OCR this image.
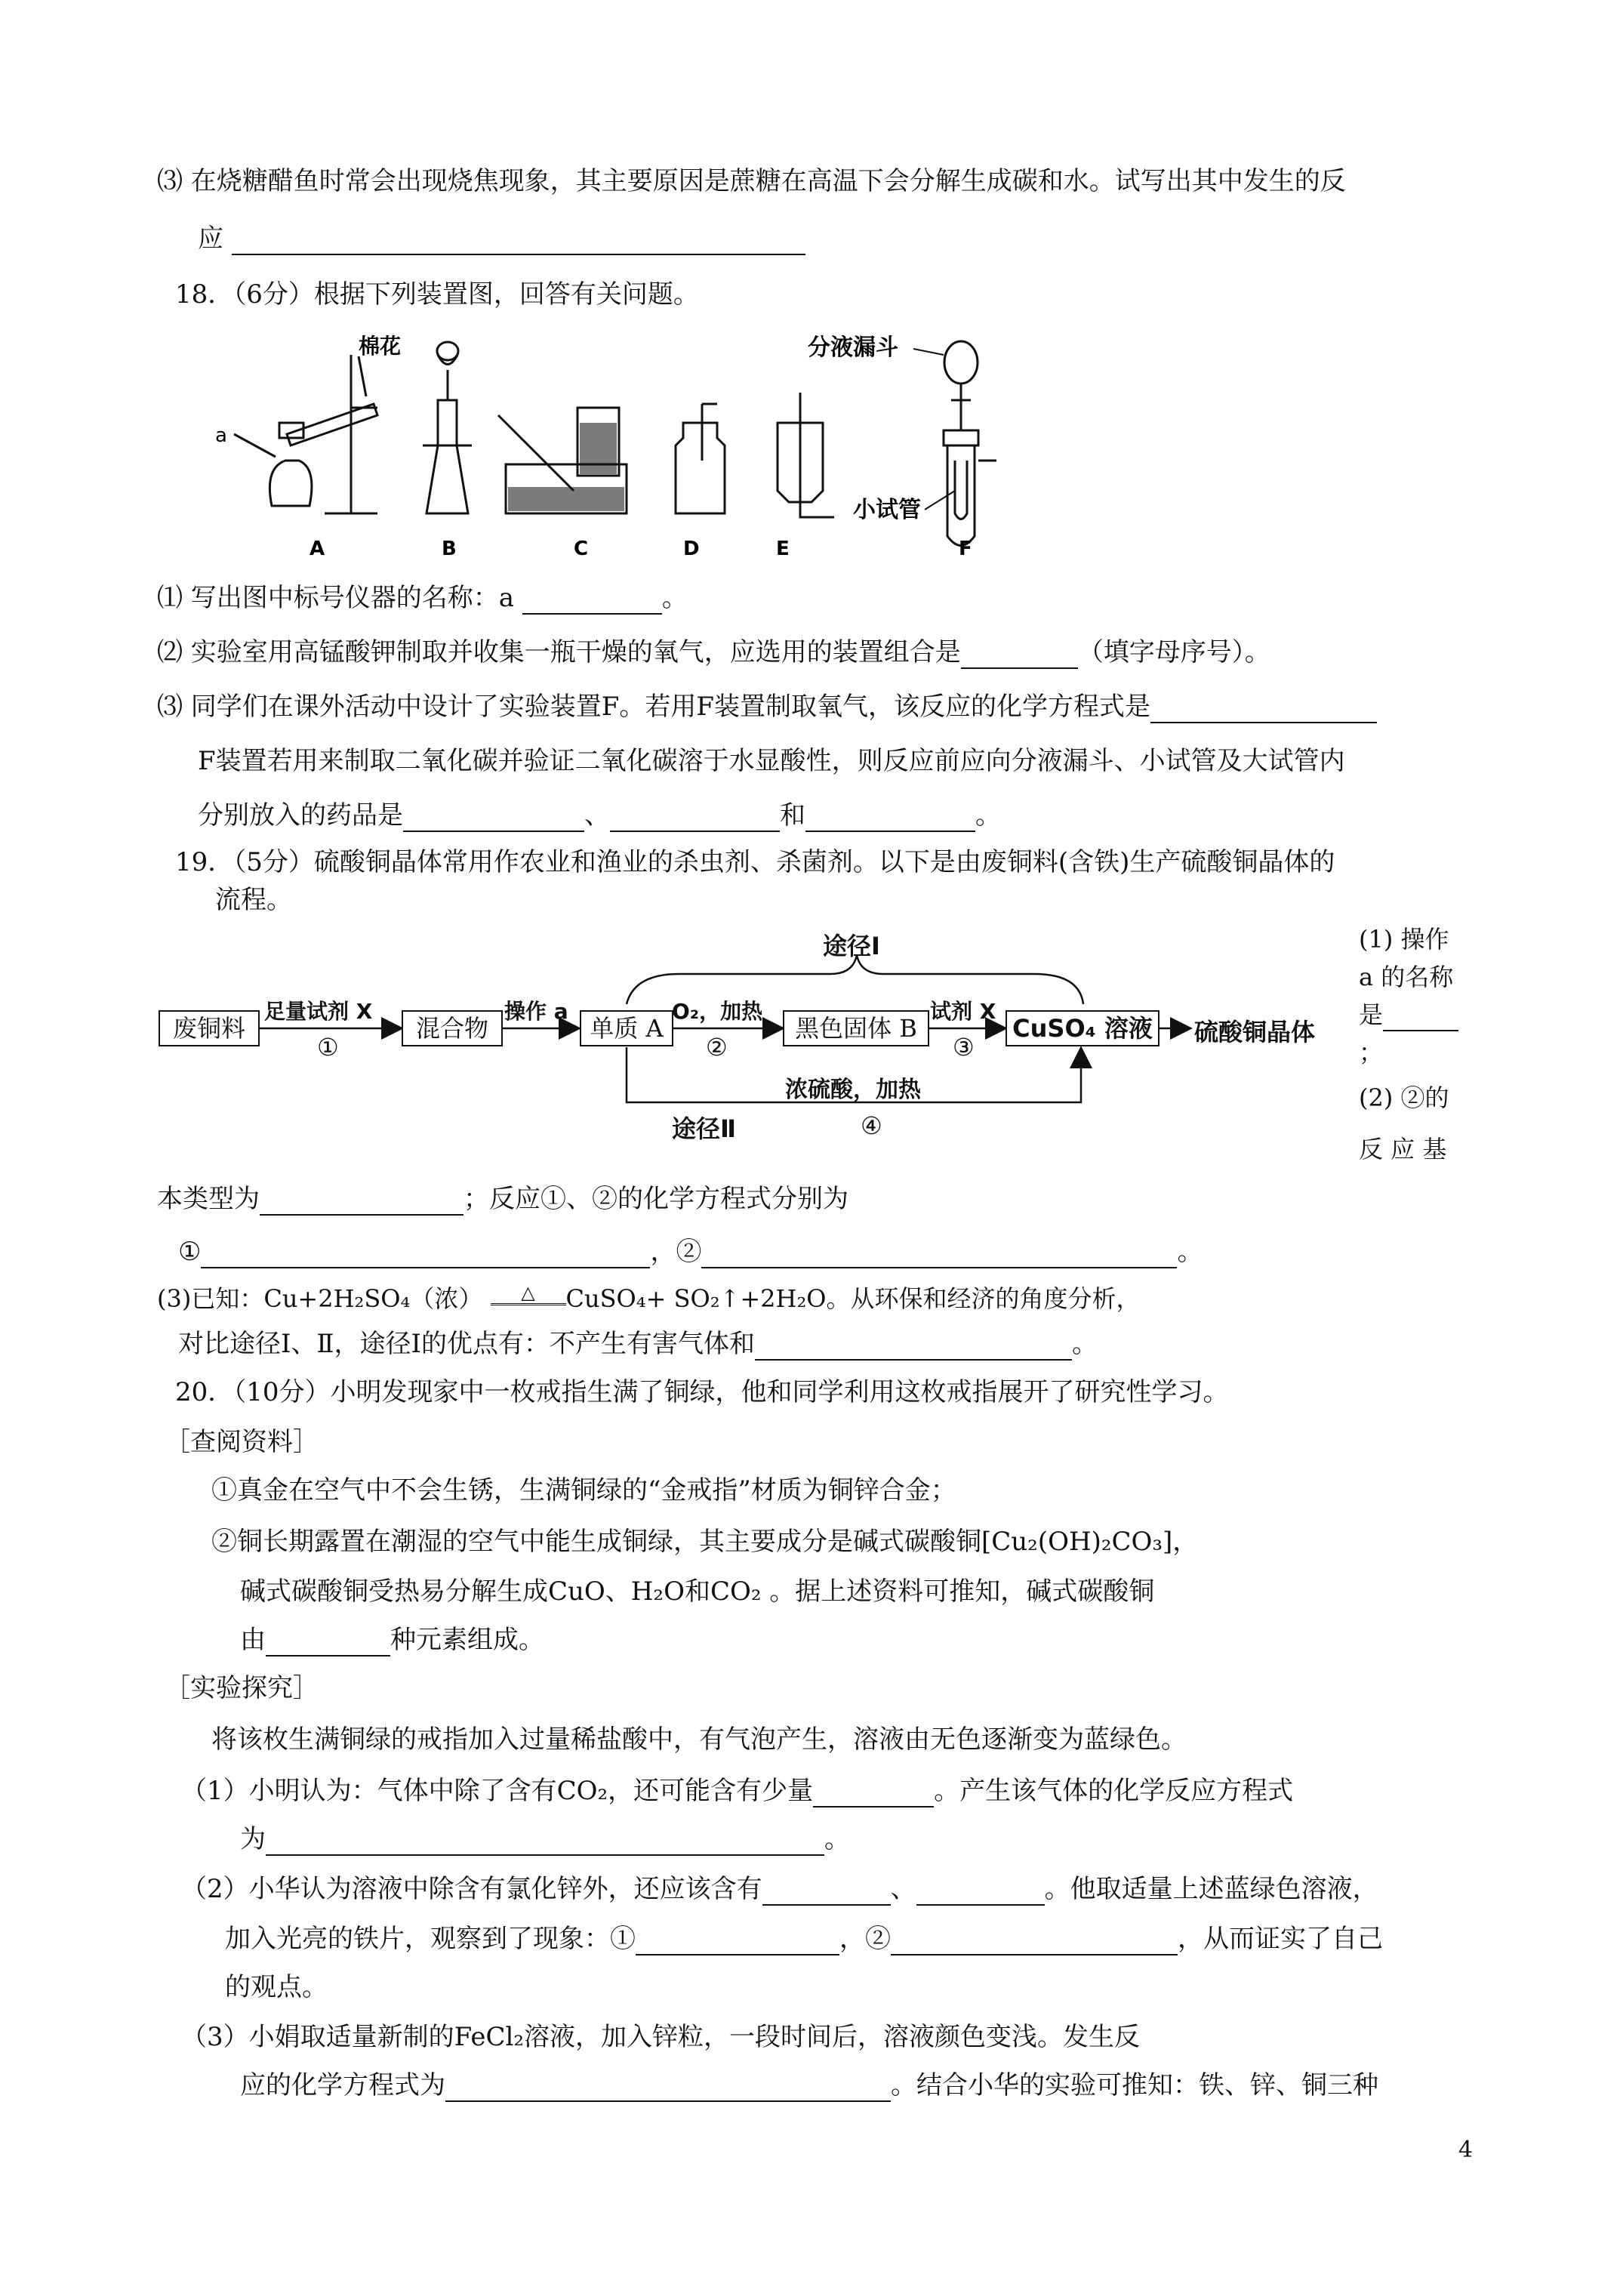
⑶ 在烧糖醋鱼时常会出现烧焦现象，其主要原因是蔗糖在高温下会分解生成碳和水。试写出其中发生的反
应
18．（6分）根据下列装置图，回答有关问题。
a
棉花	分液漏斗
小试管
A	B	C	D	E	F
⑴ 写出图中标号仪器的名称：a	。
⑵ 实验室用高锰酸钾制取并收集一瓶干燥的氧气，应选用的装置组合是	（填字母序号）。
⑶ 同学们在课外活动中设计了实验装置F。若用F装置制取氧气，该反应的化学方程式是
F装置若用来制取二氧化碳并验证二氧化碳溶于水显酸性，则反应前应向分液漏斗、小试管及大试管内
分别放入的药品是	、	和	。
19．（5分）硫酸铜晶体常用作农业和渔业的杀虫剂、杀菌剂。以下是由废铜料(含铁)生产硫酸铜晶体的
流程。
途径Ⅰ
途径Ⅱ
废铜料	混合物	单质 A	黑色固体 B	CuSO₄ 溶液 硫酸铜晶体
足量试剂 X
①
操作 a	O₂，加热
②
试剂 X
③
浓硫酸，加热
④
(1) 操作
a 的名称
是
；
(2) ②的
反 应 基
本类型为	；反应①、②的化学方程式分别为
①	，②	。
(3)已知：Cu+2H₂SO₄（浓） △ CuSO₄+ SO₂↑+2H₂O。从环保和经济的角度分析，
对比途径Ⅰ、Ⅱ，途径Ⅰ的优点有：不产生有害气体和	。
20．（10分）小明发现家中一枚戒指生满了铜绿，他和同学利用这枚戒指展开了研究性学习。
［查阅资料］
①真金在空气中不会生锈，生满铜绿的“金戒指”材质为铜锌合金；
②铜长期露置在潮湿的空气中能生成铜绿，其主要成分是碱式碳酸铜[Cu₂(OH)₂CO₃]，
碱式碳酸铜受热易分解生成CuO、H₂O和CO₂ 。据上述资料可推知，碱式碳酸铜
由	种元素组成。
［实验探究］
将该枚生满铜绿的戒指加入过量稀盐酸中，有气泡产生，溶液由无色逐渐变为蓝绿色。
（1）小明认为：气体中除了含有CO₂，还可能含有少量	。产生该气体的化学反应方程式
为	。
（2）小华认为溶液中除含有氯化锌外，还应该含有	、	。他取适量上述蓝绿色溶液，
加入光亮的铁片，观察到了现象：①	，②	，从而证实了自己
的观点。
（3）小娟取适量新制的FeCl₂溶液，加入锌粒，一段时间后，溶液颜色变浅。发生反
应的化学方程式为	。结合小华的实验可推知：铁、锌、铜三种
4
